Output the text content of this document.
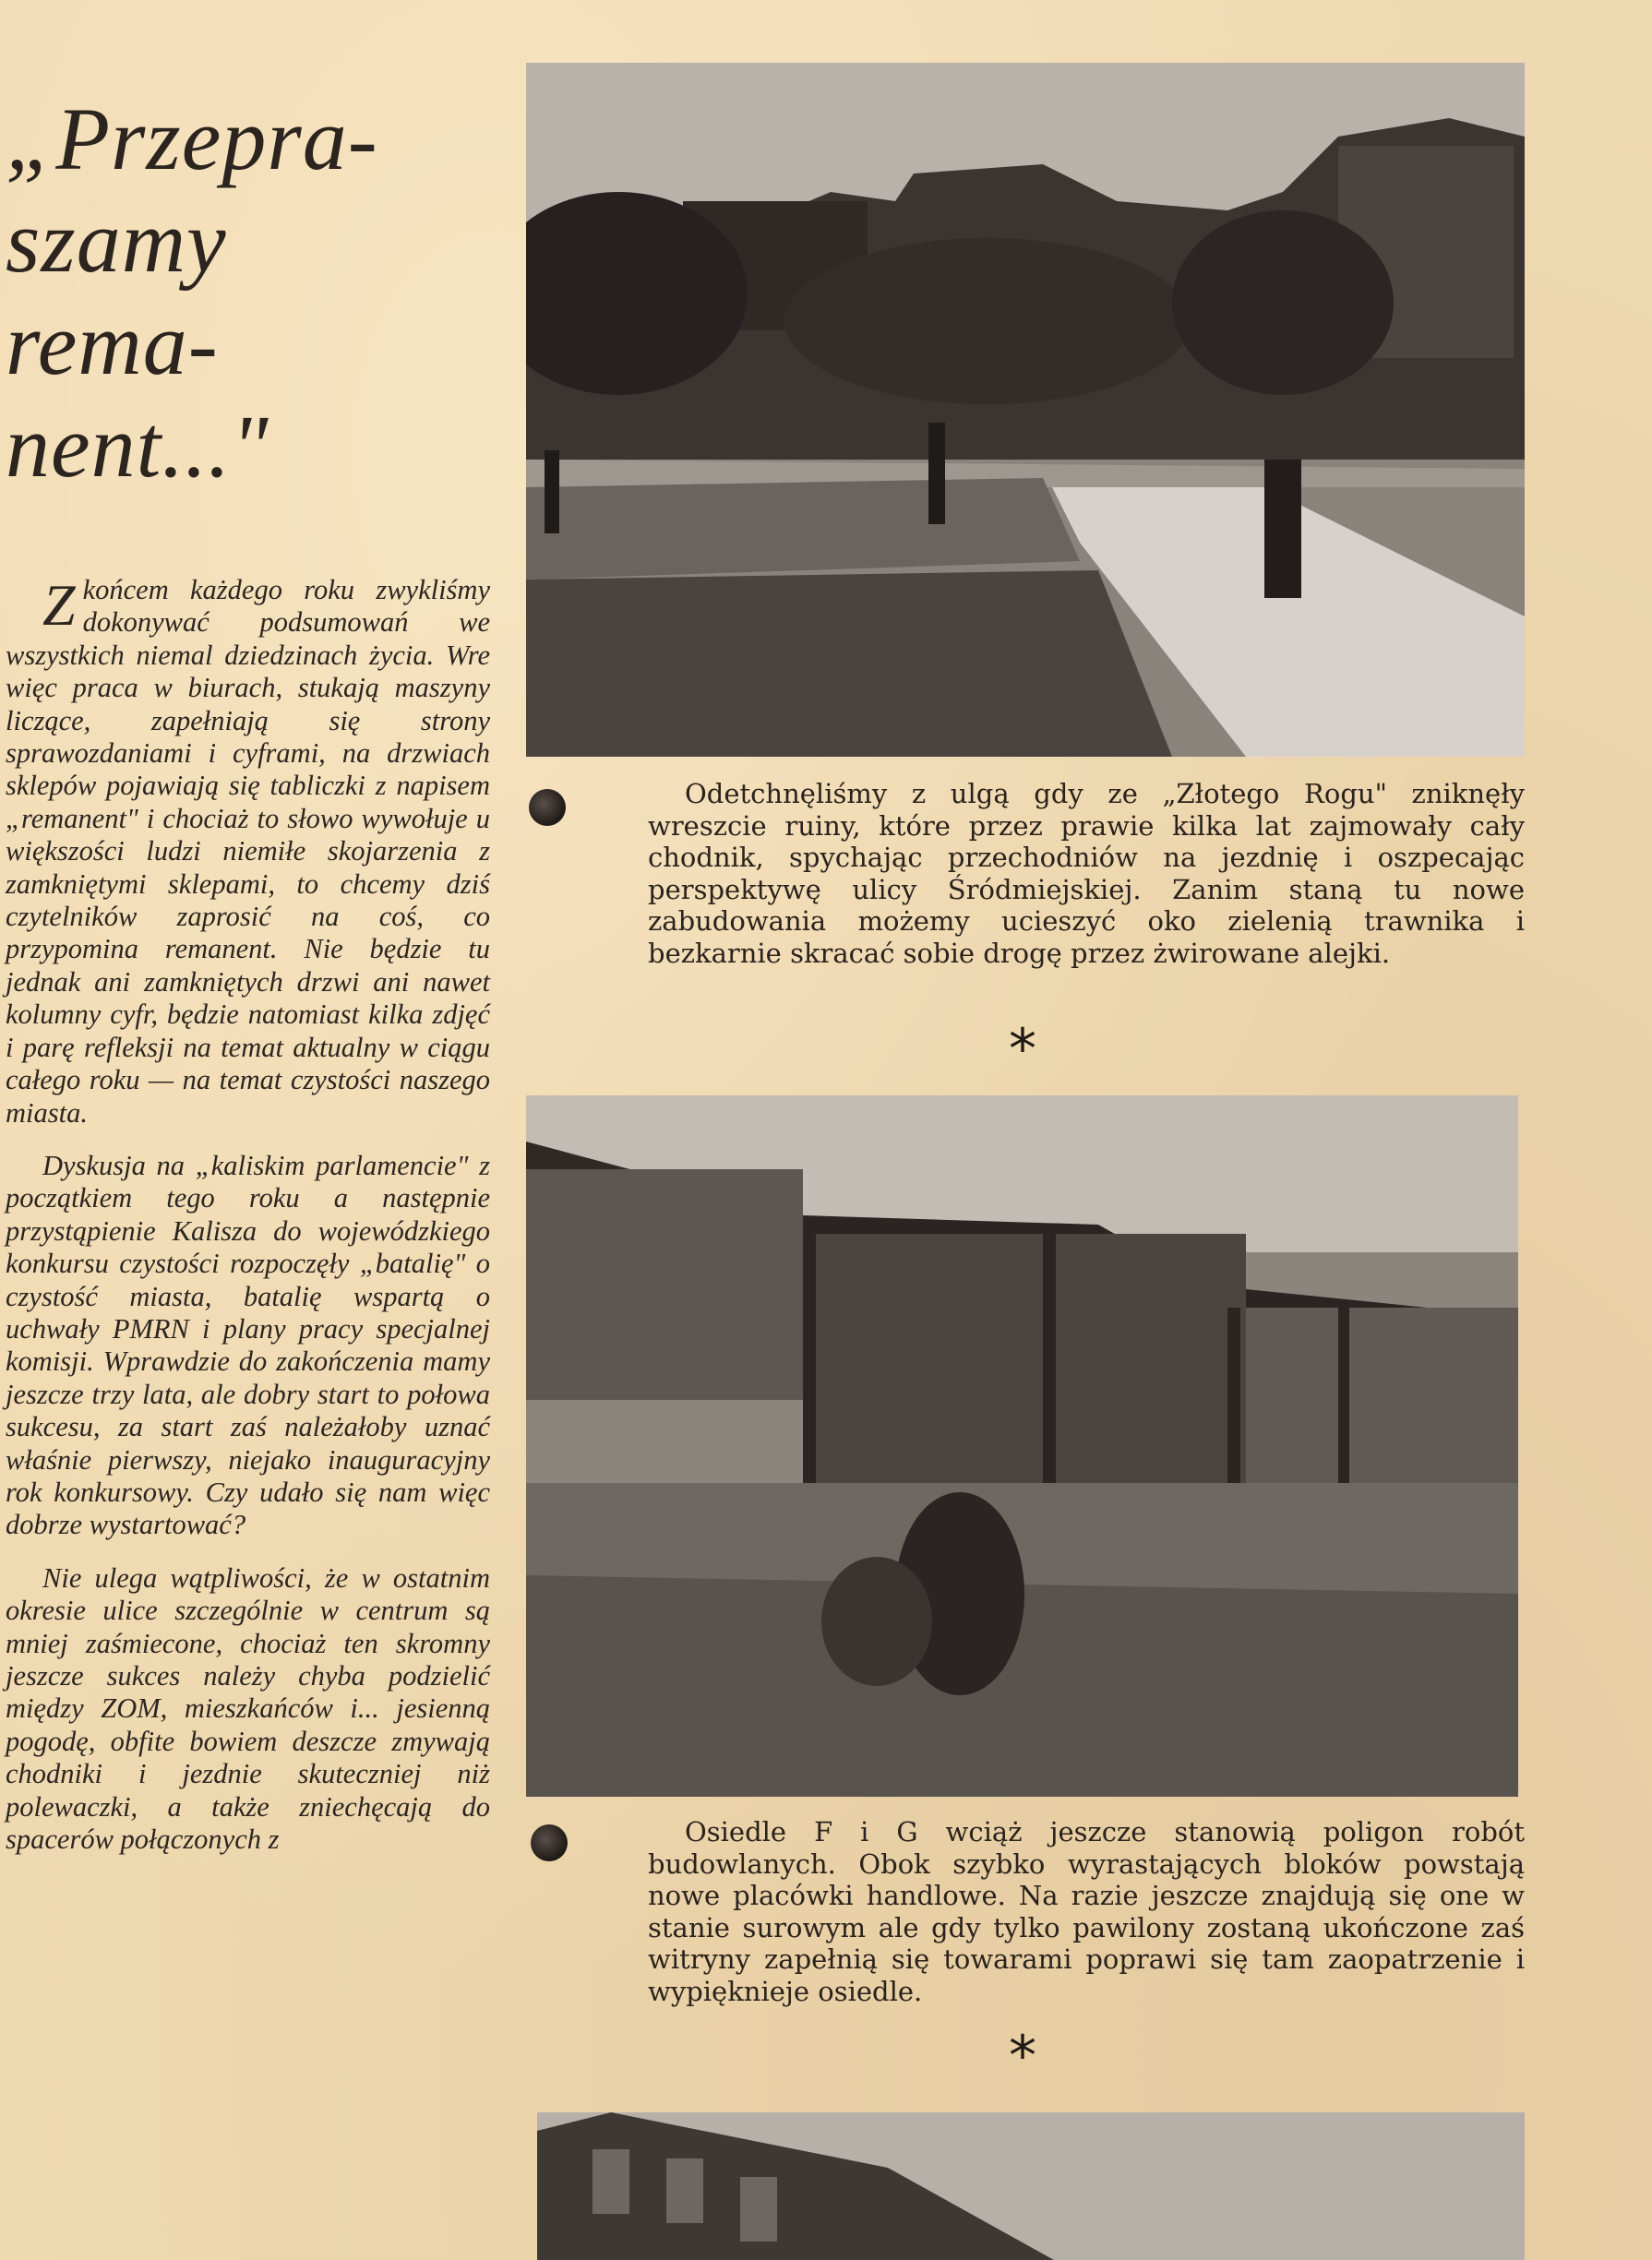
„Przepra-
szamy
rema-
nent..."

Zkońcem każdego roku zwykliśmy dokonywać podsumowań we wszystkich niemal dziedzinach życia. Wre więc praca w biurach, stukają maszyny liczące, zapełniają się strony sprawozdaniami i cyframi, na drzwiach sklepów pojawiają się tabliczki z napisem „remanent" i chociaż to słowo wywołuje u większości ludzi niemiłe skojarzenia z zamkniętymi sklepami, to chcemy dziś czytelników zaprosić na coś, co przypomina remanent. Nie będzie tu jednak ani zamkniętych drzwi ani nawet kolumny cyfr, będzie natomiast kilka zdjęć i parę refleksji na temat aktualny w ciągu całego roku — na temat czystości naszego miasta.

Dyskusja na „kaliskim parlamencie" z początkiem tego roku a następnie przystąpienie Kalisza do wojewódzkiego konkursu czystości rozpoczęły „batalię" o czystość miasta, batalię wspartą o uchwały PMRN i plany pracy specjalnej komisji. Wprawdzie do zakończenia mamy jeszcze trzy lata, ale dobry start to połowa sukcesu, za start zaś należałoby uznać właśnie pierwszy, niejako inauguracyjny rok konkursowy. Czy udało się nam więc dobrze wystartować?

Nie ulega wątpliwości, że w ostatnim okresie ulice szczególnie w centrum są mniej zaśmiecone, chociaż ten skromny jeszcze sukces należy chyba podzielić między ZOM, mieszkańców i... jesienną pogodę, obfite bowiem deszcze zmywają chodniki i jezdnie skuteczniej niż polewaczki, a także zniechęcają do spacerów połączonych z

Odetchnęliśmy z ulgą gdy ze „Złotego Rogu" zniknęły wreszcie ruiny, które przez prawie kilka lat zajmowały cały chodnik, spychając przechodniów na jezdnię i oszpecając perspektywę ulicy Śródmiejskiej. Zanim staną tu nowe zabudowania możemy ucieszyć oko zielenią trawnika i bezkarnie skracać sobie drogę przez żwirowane alejki.

*

Osiedle F i G wciąż jeszcze stanowią poligon robót budowlanych. Obok szybko wyrastających bloków powstają nowe placówki handlowe. Na razie jeszcze znajdują się one w stanie surowym ale gdy tylko pawilony zostaną ukończone zaś witryny zapełnią się towarami poprawi się tam zaopatrzenie i wypięknieje osiedle.

*
